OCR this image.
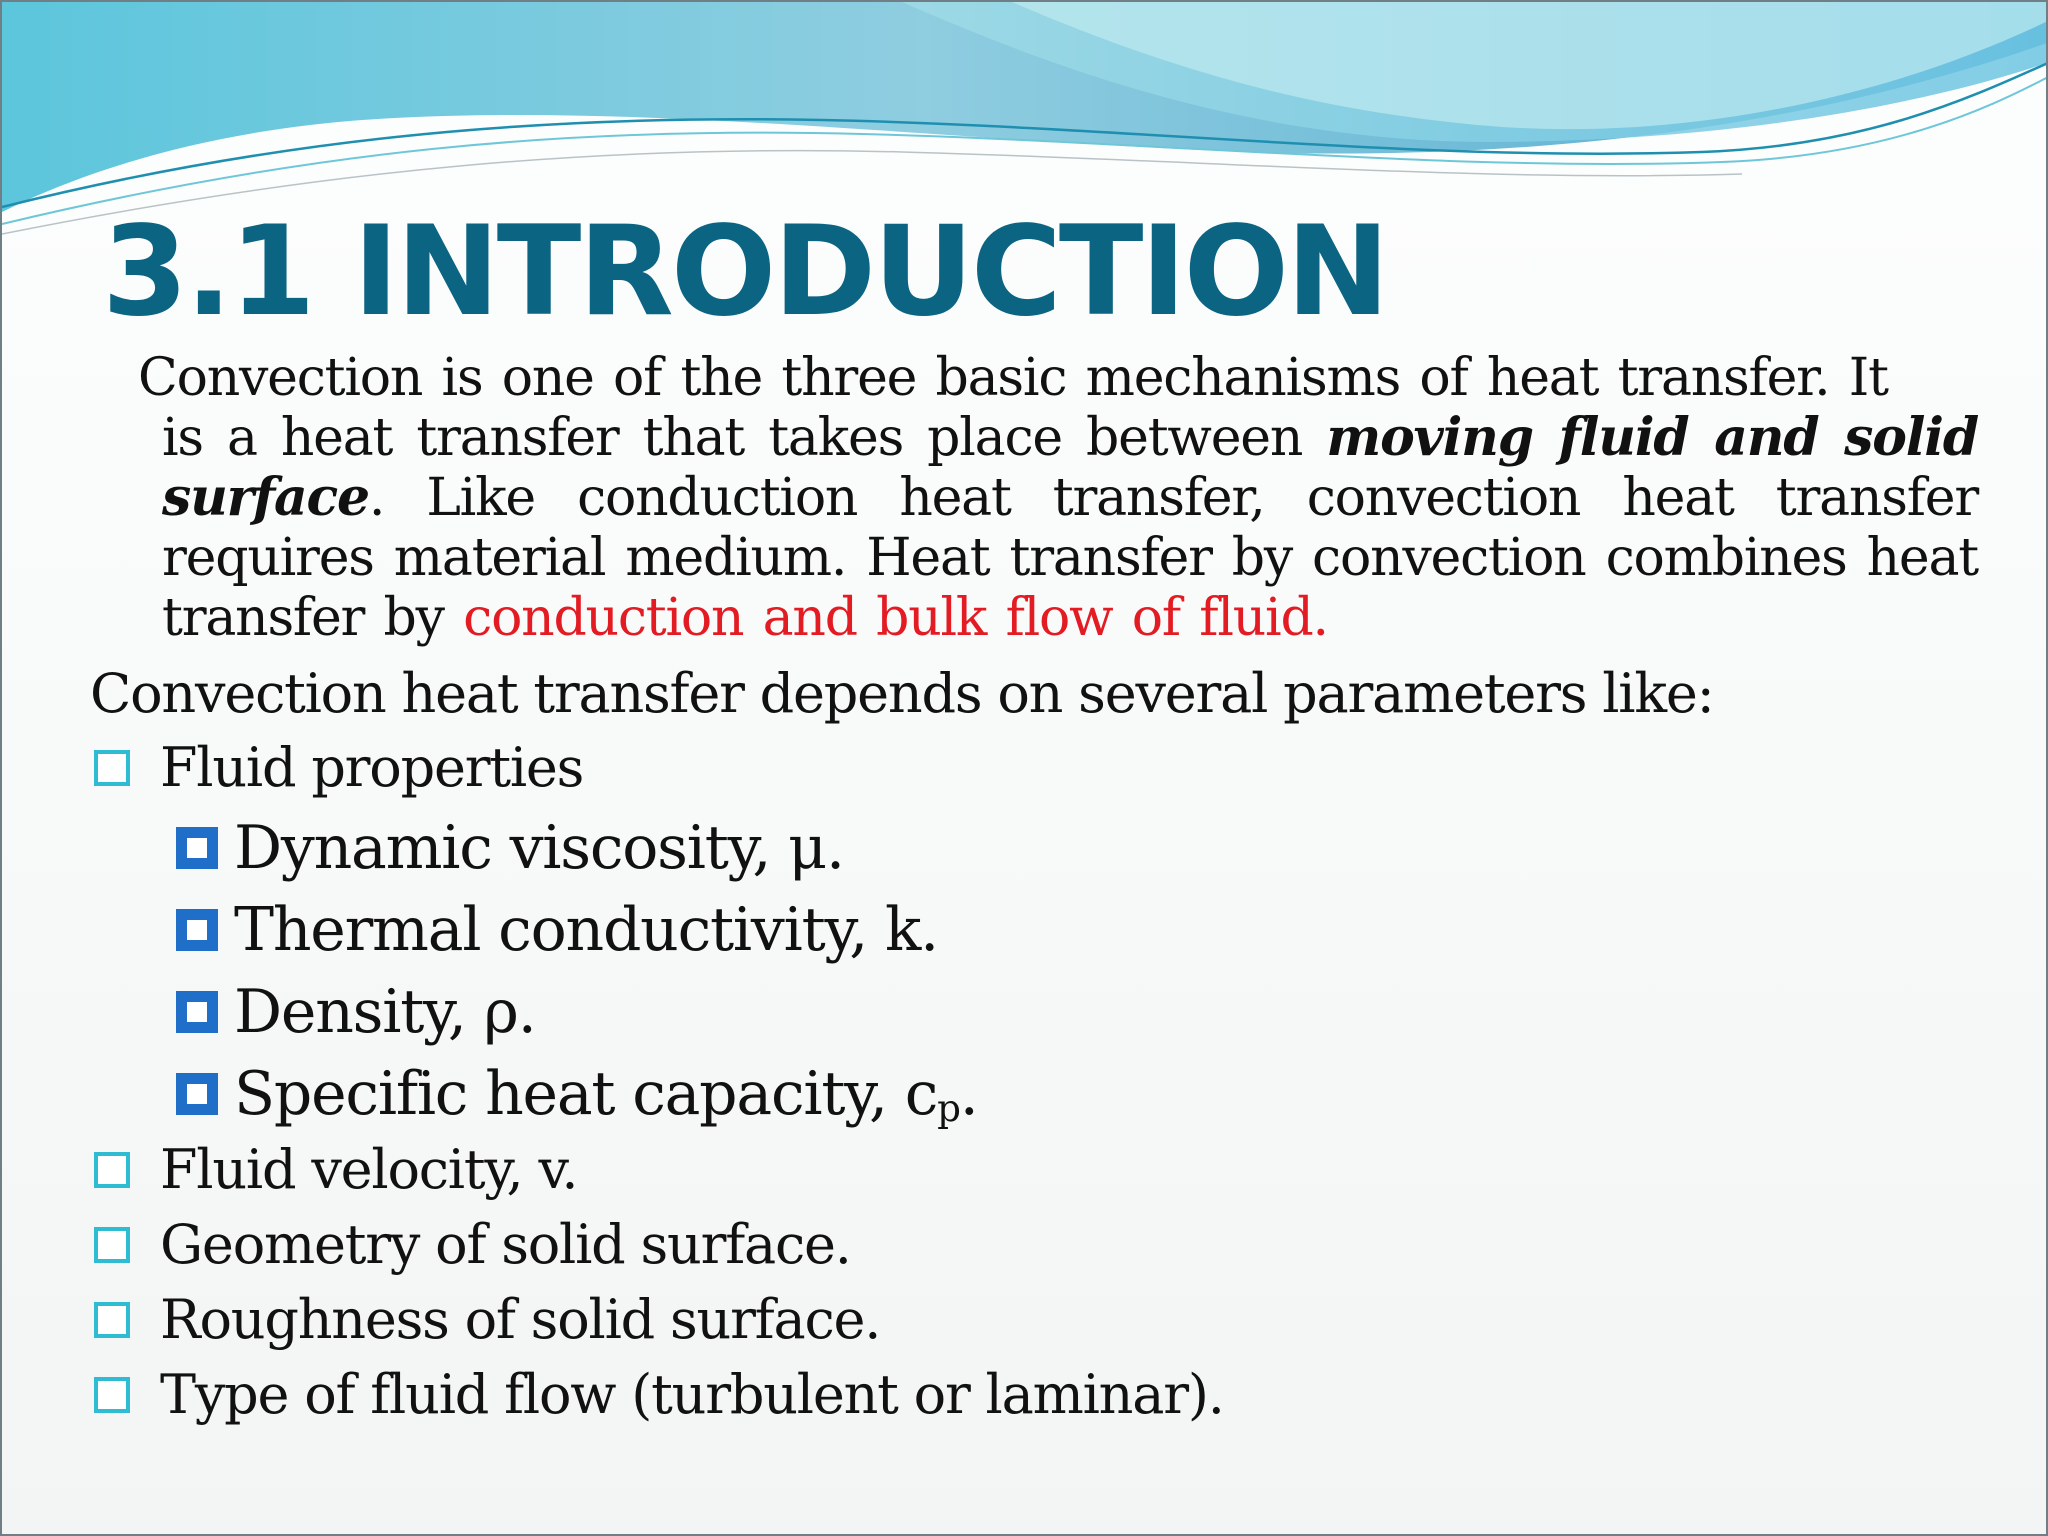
3.1 INTRODUCTION

Convection is one of the three basic mechanisms of heat transfer. It
is a heat transfer that takes place between moving fluid and solid surface. Like conduction heat transfer, convection heat transfer requires material medium. Heat transfer by convection combines heat transfer by conduction and bulk flow of fluid.

Convection heat transfer depends on several parameters like:

Fluid properties
Dynamic viscosity, μ.
Thermal conductivity, k.
Density, ρ.
Specific heat capacity, $c_p$.
Fluid velocity, v.
Geometry of solid surface.
Roughness of solid surface.
Type of fluid flow (turbulent or laminar).
